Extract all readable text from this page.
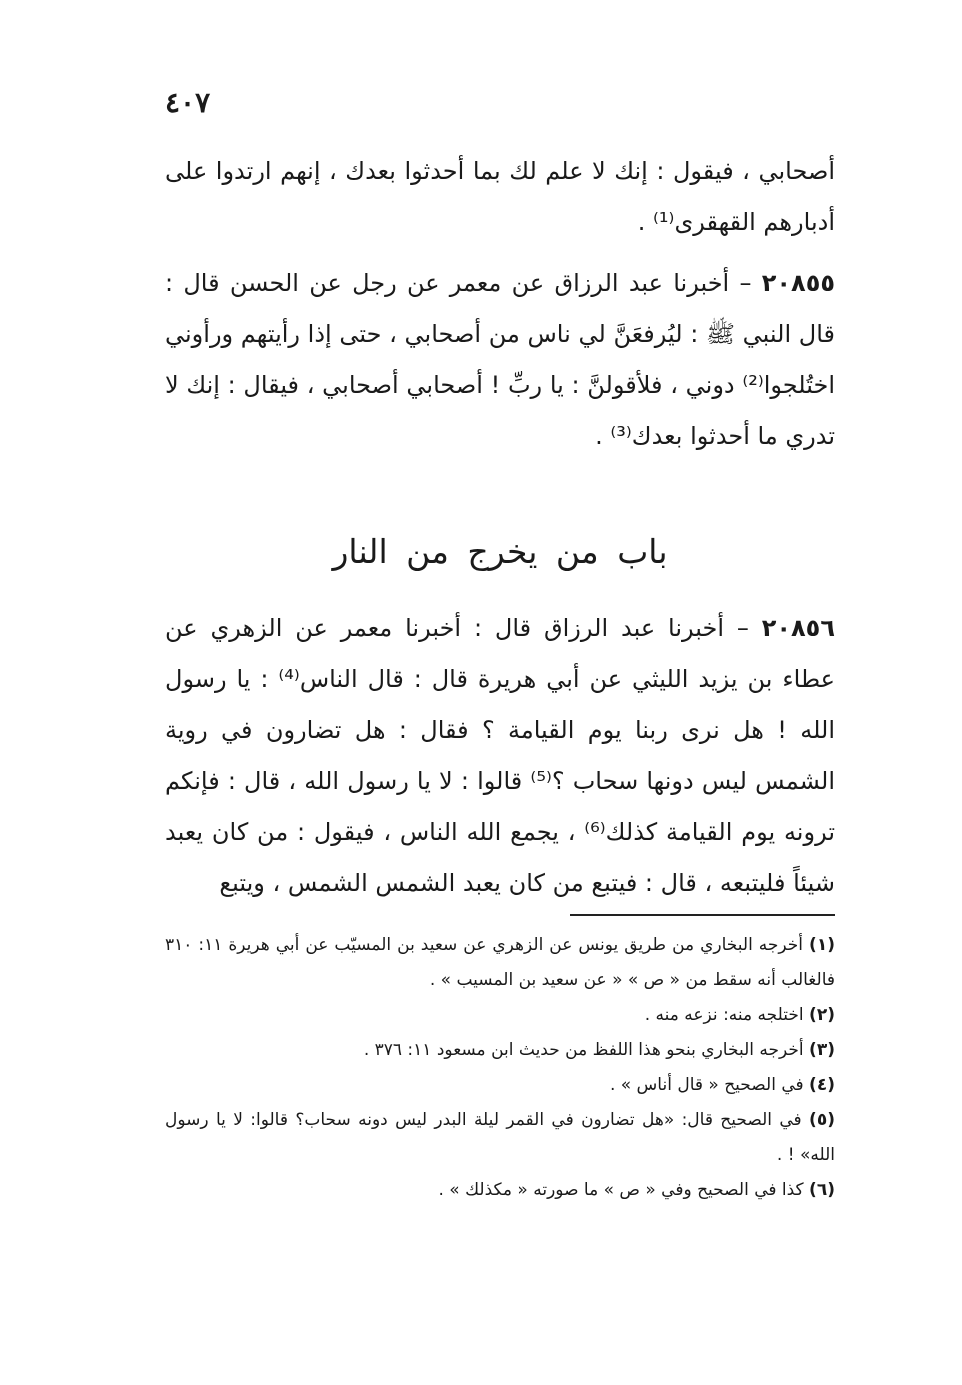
٤٠٧

أصحابي ، فيقول : إنك لا علم لك بما أحدثوا بعدك ، إنهم ارتدوا على أدبارهم القهقرى⁽¹⁾ .

٢٠٨٥٥ – أخبرنا عبد الرزاق عن معمر عن رجل عن الحسن قال : قال النبي ﷺ : ليُرفعَنَّ لي ناس من أصحابي ، حتى إذا رأيتهم ورأوني اختُلجوا⁽²⁾ دوني ، فلأقولنَّ : يا ربِّ ! أصحابي أصحابي ، فيقال : إنك لا تدري ما أحدثوا بعدك⁽³⁾ .

باب من يخرج من النار

٢٠٨٥٦ – أخبرنا عبد الرزاق قال : أخبرنا معمر عن الزهري عن عطاء بن يزيد الليثي عن أبي هريرة قال : قال الناس⁽⁴⁾ : يا رسول الله ! هل نرى ربنا يوم القيامة ؟ فقال : هل تضارون في روية الشمس ليس دونها سحاب ؟⁽⁵⁾ قالوا : لا يا رسول الله ، قال : فإنكم ترونه يوم القيامة كذلك⁽⁶⁾ ، يجمع الله الناس ، فيقول : من كان يعبد شيئاً فليتبعه ، قال : فيتبع من كان يعبد الشمس الشمس ، ويتبع

(١) أخرجه البخاري من طريق يونس عن الزهري عن سعيد بن المسيّب عن أبي هريرة ١١: ٣١٠ فالغالب أنه سقط من « ص » « عن سعيد بن المسيب » .

(٢) اختلجه منه: نزعه منه .

(٣) أخرجه البخاري بنحو هذا اللفظ من حديث ابن مسعود ١١: ٣٧٦ .

(٤) في الصحيح « قال أناس » .

(٥) في الصحيح قال: «هل تضارون في القمر ليلة البدر ليس دونه سحاب؟ قالوا: لا يا رسول الله» ! .

(٦) كذا في الصحيح وفي « ص » ما صورته « مكذلك » .
